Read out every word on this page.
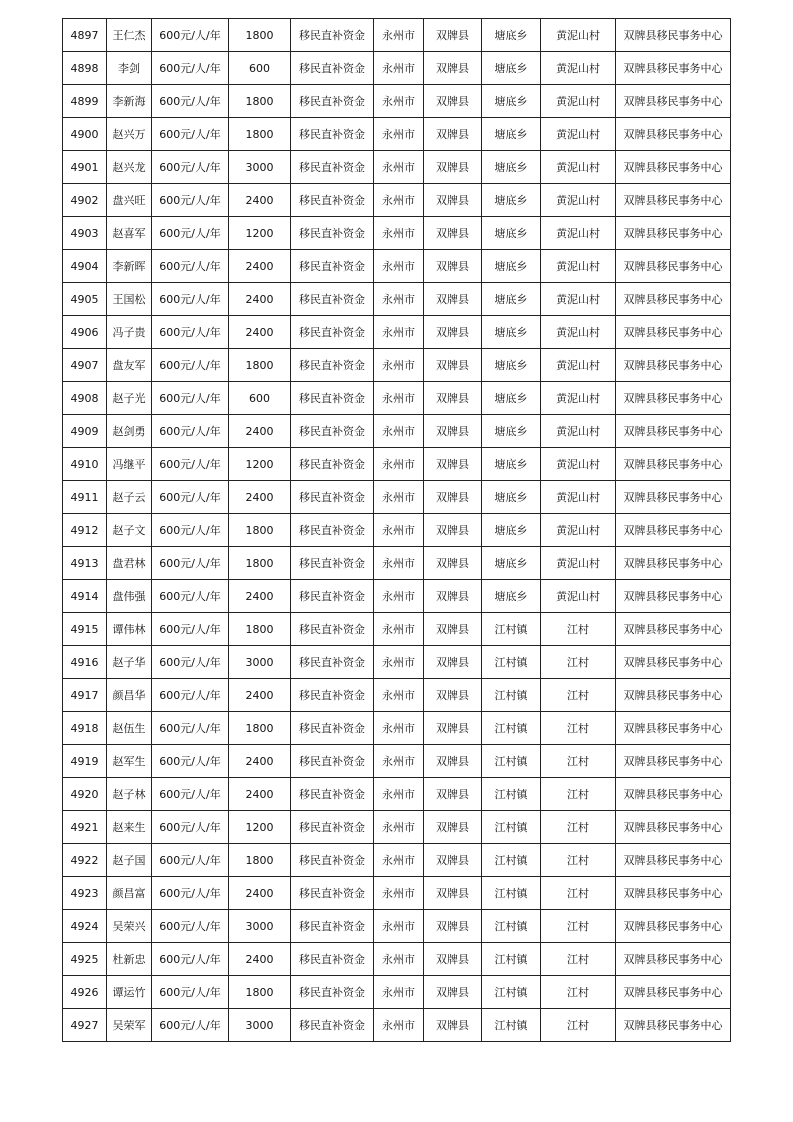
4897	王仁杰	600元/人/年	1800	移民直补资金	永州市	双牌县	塘底乡	黄泥山村	双牌县移民事务中心
4898	李剑	600元/人/年	600	移民直补资金	永州市	双牌县	塘底乡	黄泥山村	双牌县移民事务中心
4899	李新海	600元/人/年	1800	移民直补资金	永州市	双牌县	塘底乡	黄泥山村	双牌县移民事务中心
4900	赵兴万	600元/人/年	1800	移民直补资金	永州市	双牌县	塘底乡	黄泥山村	双牌县移民事务中心
4901	赵兴龙	600元/人/年	3000	移民直补资金	永州市	双牌县	塘底乡	黄泥山村	双牌县移民事务中心
4902	盘兴旺	600元/人/年	2400	移民直补资金	永州市	双牌县	塘底乡	黄泥山村	双牌县移民事务中心
4903	赵喜军	600元/人/年	1200	移民直补资金	永州市	双牌县	塘底乡	黄泥山村	双牌县移民事务中心
4904	李新晖	600元/人/年	2400	移民直补资金	永州市	双牌县	塘底乡	黄泥山村	双牌县移民事务中心
4905	王国松	600元/人/年	2400	移民直补资金	永州市	双牌县	塘底乡	黄泥山村	双牌县移民事务中心
4906	冯子贵	600元/人/年	2400	移民直补资金	永州市	双牌县	塘底乡	黄泥山村	双牌县移民事务中心
4907	盘友军	600元/人/年	1800	移民直补资金	永州市	双牌县	塘底乡	黄泥山村	双牌县移民事务中心
4908	赵子光	600元/人/年	600	移民直补资金	永州市	双牌县	塘底乡	黄泥山村	双牌县移民事务中心
4909	赵剑勇	600元/人/年	2400	移民直补资金	永州市	双牌县	塘底乡	黄泥山村	双牌县移民事务中心
4910	冯继平	600元/人/年	1200	移民直补资金	永州市	双牌县	塘底乡	黄泥山村	双牌县移民事务中心
4911	赵子云	600元/人/年	2400	移民直补资金	永州市	双牌县	塘底乡	黄泥山村	双牌县移民事务中心
4912	赵子文	600元/人/年	1800	移民直补资金	永州市	双牌县	塘底乡	黄泥山村	双牌县移民事务中心
4913	盘君林	600元/人/年	1800	移民直补资金	永州市	双牌县	塘底乡	黄泥山村	双牌县移民事务中心
4914	盘伟强	600元/人/年	2400	移民直补资金	永州市	双牌县	塘底乡	黄泥山村	双牌县移民事务中心
4915	谭伟林	600元/人/年	1800	移民直补资金	永州市	双牌县	江村镇	江村	双牌县移民事务中心
4916	赵子华	600元/人/年	3000	移民直补资金	永州市	双牌县	江村镇	江村	双牌县移民事务中心
4917	颜昌华	600元/人/年	2400	移民直补资金	永州市	双牌县	江村镇	江村	双牌县移民事务中心
4918	赵伍生	600元/人/年	1800	移民直补资金	永州市	双牌县	江村镇	江村	双牌县移民事务中心
4919	赵军生	600元/人/年	2400	移民直补资金	永州市	双牌县	江村镇	江村	双牌县移民事务中心
4920	赵子林	600元/人/年	2400	移民直补资金	永州市	双牌县	江村镇	江村	双牌县移民事务中心
4921	赵来生	600元/人/年	1200	移民直补资金	永州市	双牌县	江村镇	江村	双牌县移民事务中心
4922	赵子国	600元/人/年	1800	移民直补资金	永州市	双牌县	江村镇	江村	双牌县移民事务中心
4923	颜昌富	600元/人/年	2400	移民直补资金	永州市	双牌县	江村镇	江村	双牌县移民事务中心
4924	吴荣兴	600元/人/年	3000	移民直补资金	永州市	双牌县	江村镇	江村	双牌县移民事务中心
4925	杜新忠	600元/人/年	2400	移民直补资金	永州市	双牌县	江村镇	江村	双牌县移民事务中心
4926	谭运竹	600元/人/年	1800	移民直补资金	永州市	双牌县	江村镇	江村	双牌县移民事务中心
4927	吴荣军	600元/人/年	3000	移民直补资金	永州市	双牌县	江村镇	江村	双牌县移民事务中心
